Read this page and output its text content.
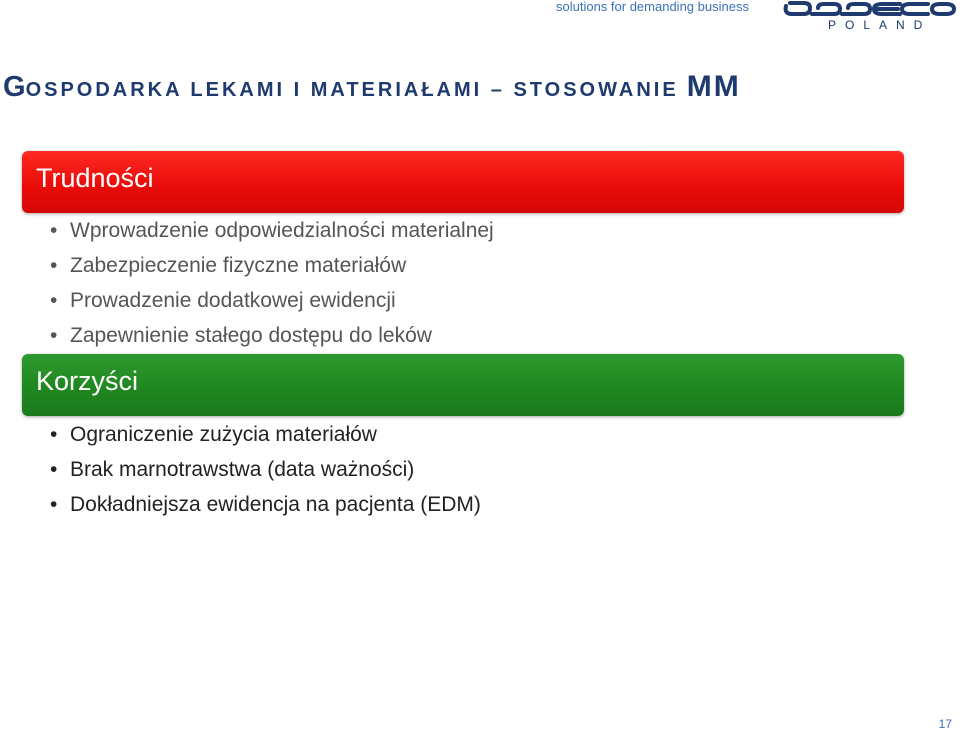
solutions for demanding business
POLAND
GOSPODARKA LEKAMI I MATERIAŁAMI – STOSOWANIE MM
Trudności
• Wprowadzenie odpowiedzialności materialnej
• Zabezpieczenie fizyczne materiałów
• Prowadzenie dodatkowej ewidencji
• Zapewnienie stałego dostępu do leków
Korzyści
• Ograniczenie zużycia materiałów
• Brak marnotrawstwa (data ważności)
• Dokładniejsza ewidencja na pacjenta (EDM)
17
